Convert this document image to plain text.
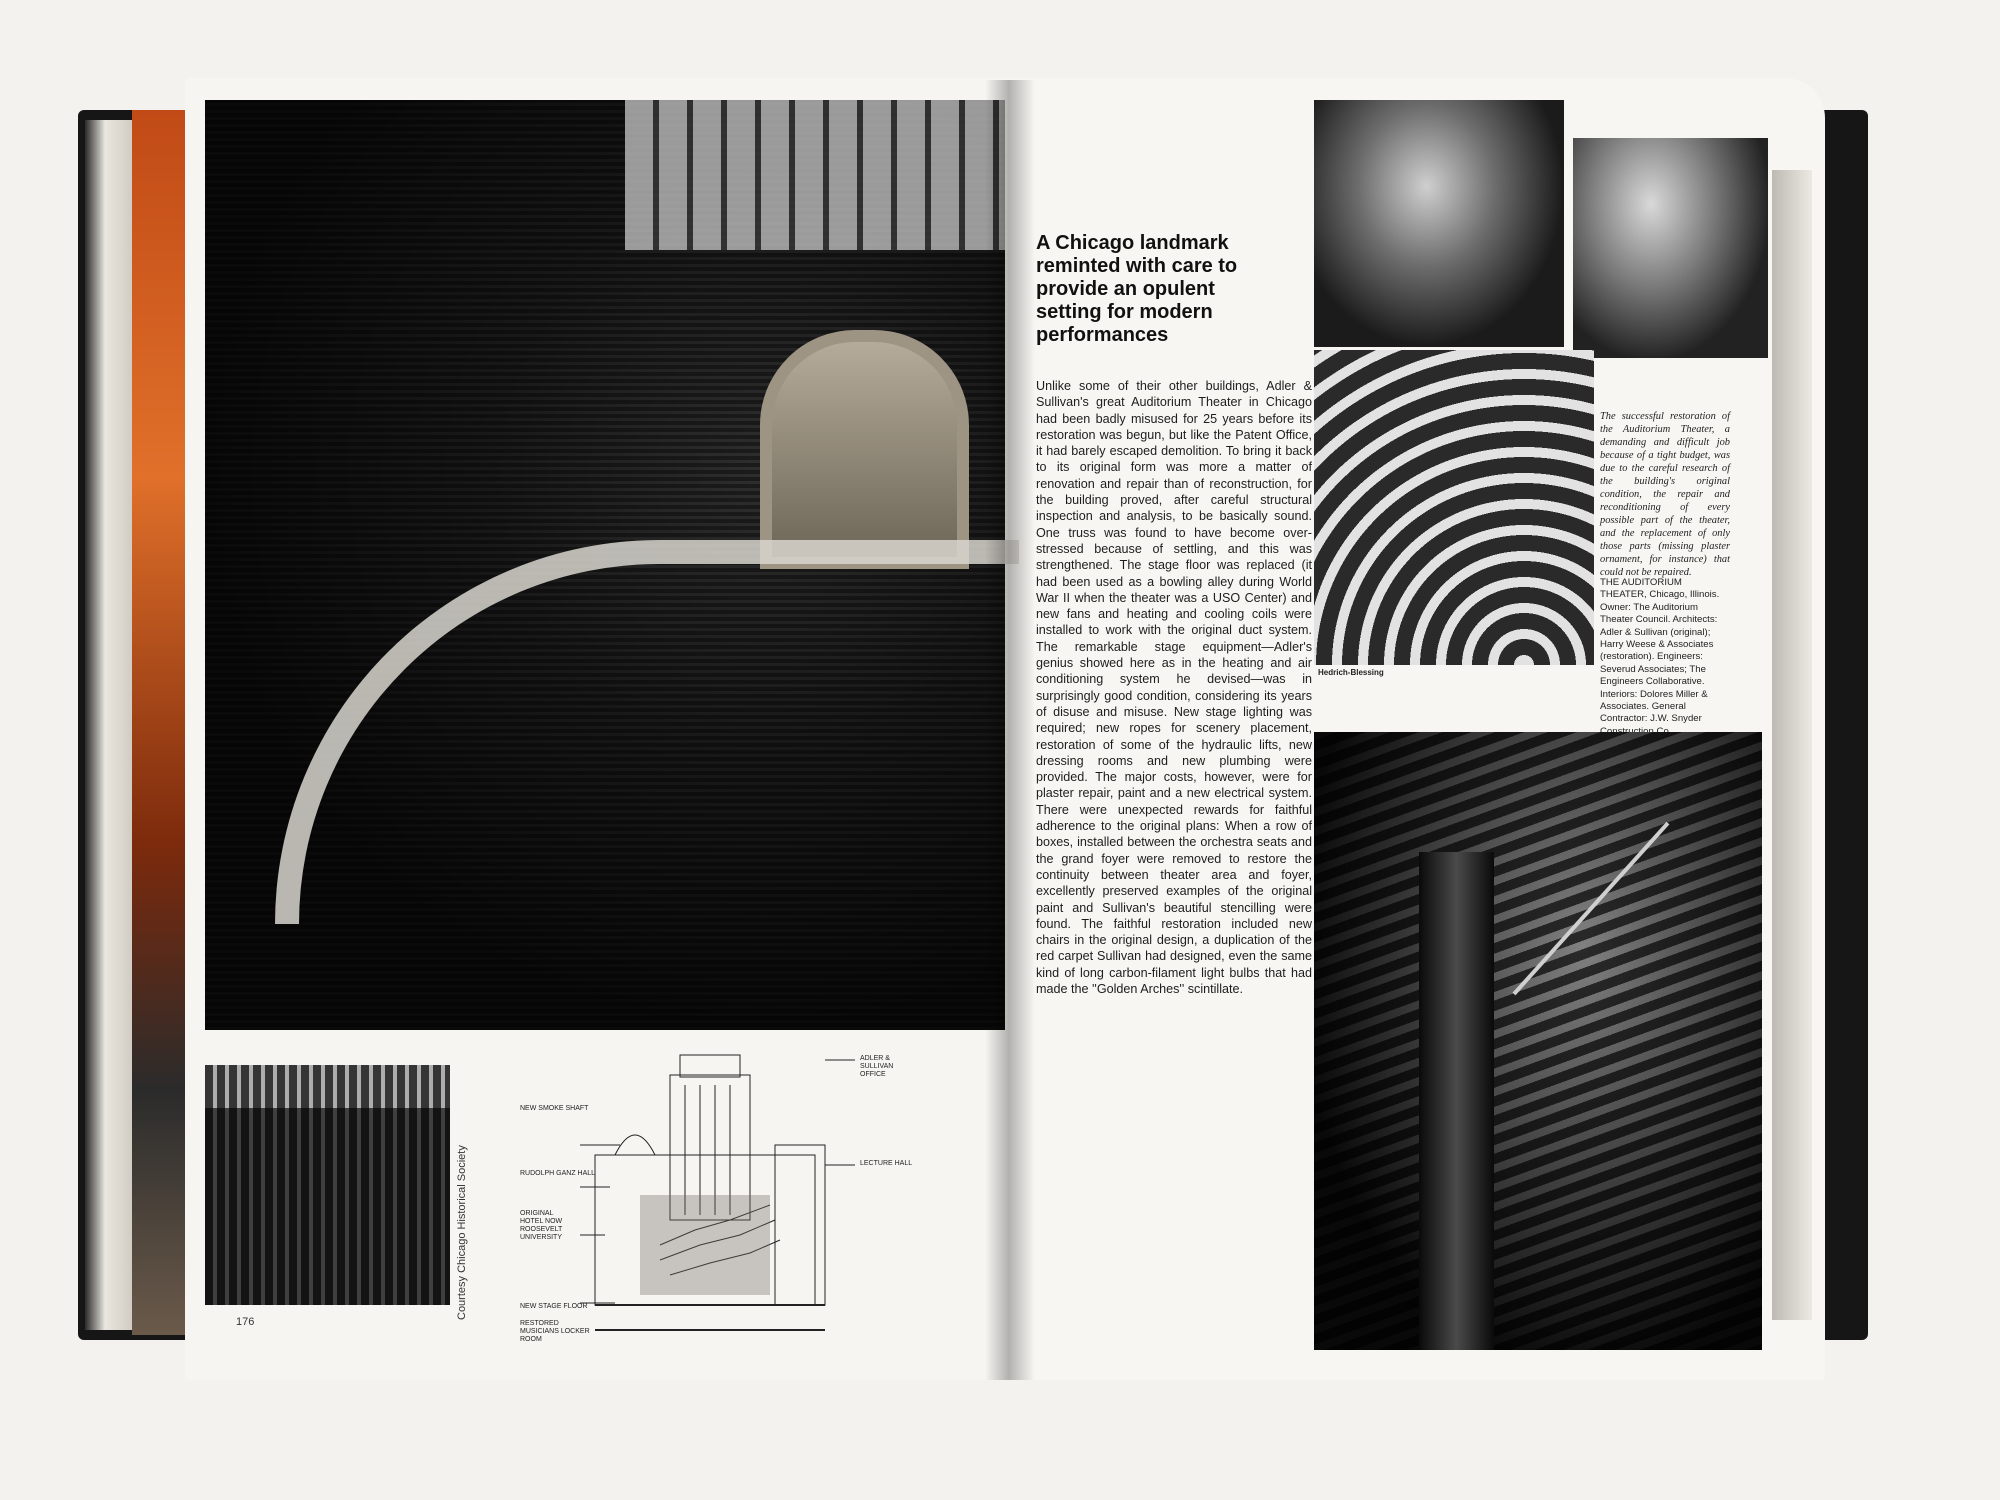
Courtesy Chicago Historical Society
NEW SMOKE SHAFT
RUDOLPH GANZ HALL
ORIGINAL HOTEL NOW ROOSEVELT UNIVERSITY
NEW STAGE FLOOR
RESTORED MUSICIANS LOCKER ROOM
ADLER & SULLIVAN OFFICE
LECTURE HALL
176
A Chicago landmark reminted with care to provide an opulent setting for modern performances

Unlike some of their other buildings, Adler & Sullivan's great Auditorium Theater in Chicago had been badly misused for 25 years before its restoration was begun, but like the Patent Office, it had barely escaped demolition. To bring it back to its original form was more a matter of renovation and repair than of reconstruction, for the building proved, after careful structural inspection and analysis, to be basically sound. One truss was found to have become over-stressed because of settling, and this was strengthened. The stage floor was replaced (it had been used as a bowling alley during World War II when the theater was a USO Center) and new fans and heating and cooling coils were installed to work with the original duct system. The remarkable stage equipment—Adler's genius showed here as in the heating and air conditioning system he devised—was in surprisingly good condition, considering its years of disuse and misuse. New stage lighting was required; new ropes for scenery placement, restoration of some of the hydraulic lifts, new dressing rooms and new plumbing were provided. The major costs, however, were for plaster repair, paint and a new electrical system. There were unexpected rewards for faithful adherence to the original plans: When a row of boxes, installed between the orchestra seats and the grand foyer were removed to restore the continuity between theater area and foyer, excellently preserved examples of the original paint and Sullivan's beautiful stencilling were found. The faithful restoration included new chairs in the original design, a duplication of the red carpet Sullivan had designed, even the same kind of long carbon-filament light bulbs that had made the ''Golden Arches'' scintillate.

Hedrich-Blessing

The successful restoration of the Auditorium Theater, a demanding and difficult job because of a tight budget, was due to the careful research of the building's original condition, the repair and reconditioning of every possible part of the theater, and the replacement of only those parts (missing plaster ornament, for instance) that could not be repaired.

THE AUDITORIUM THEATER, Chicago, Illinois. Owner: The Auditorium Theater Council. Architects: Adler & Sullivan (original); Harry Weese & Associates (restoration). Engineers: Severud Associates; The Engineers Collaborative. Interiors: Dolores Miller & Associates. General Contractor: J.W. Snyder
